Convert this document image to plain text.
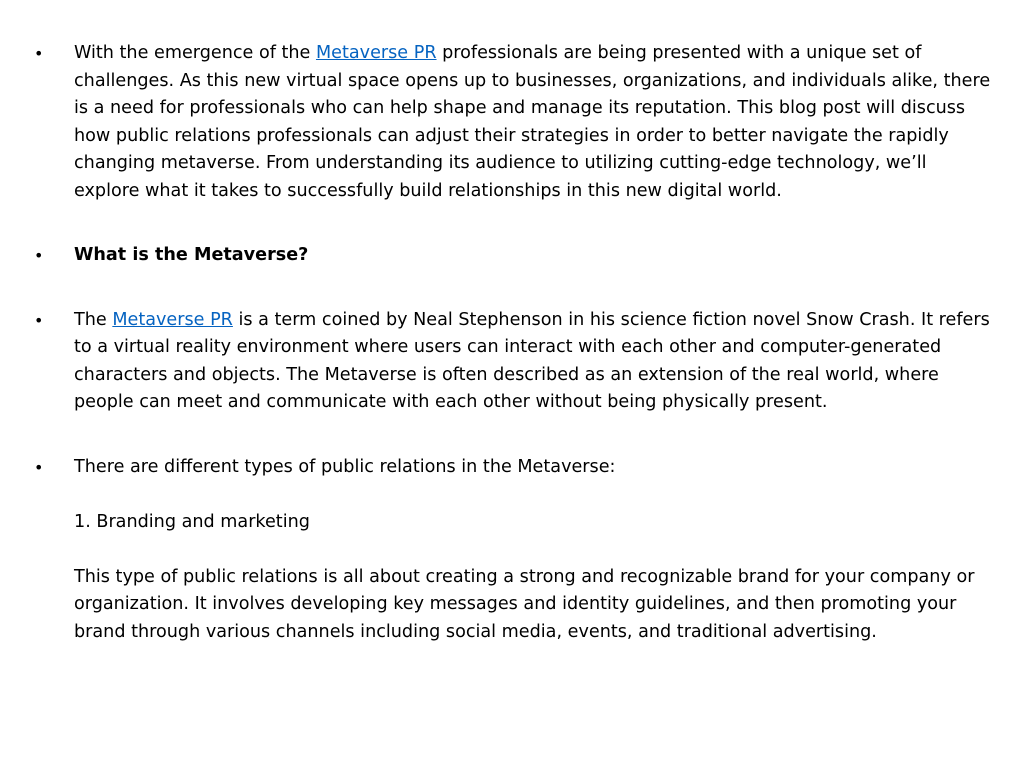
• With the emergence of the Metaverse PR professionals are being presented with a unique set of challenges. As this new virtual space opens up to businesses, organizations, and individuals alike, there is a need for professionals who can help shape and manage its reputation. This blog post will discuss how public relations professionals can adjust their strategies in order to better navigate the rapidly changing metaverse. From understanding its audience to utilizing cutting-edge technology, we’ll explore what it takes to successfully build relationships in this new digital world.
• What is the Metaverse?
• The Metaverse PR is a term coined by Neal Stephenson in his science fiction novel Snow Crash. It refers to a virtual reality environment where users can interact with each other and computer-generated characters and objects. The Metaverse is often described as an extension of the real world, where people can meet and communicate with each other without being physically present.
• There are different types of public relations in the Metaverse:
1. Branding and marketing
This type of public relations is all about creating a strong and recognizable brand for your company or organization. It involves developing key messages and identity guidelines, and then promoting your brand through various channels including social media, events, and traditional advertising.
